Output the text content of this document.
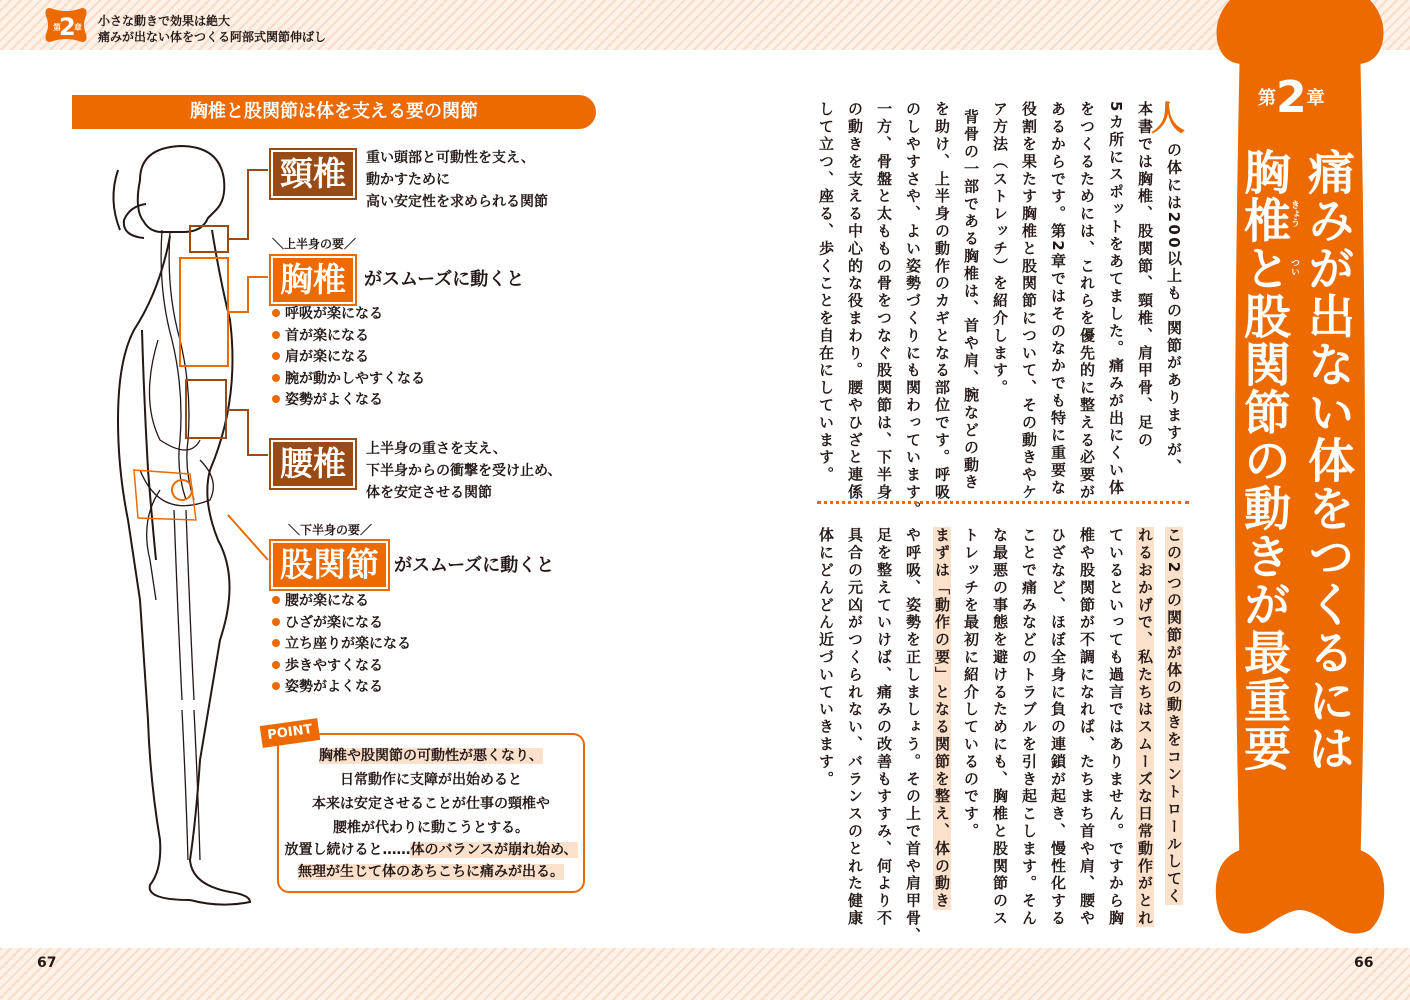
67	66
第
2
章 小さな動きで効果は絶大
痛みが出ない体をつくる阿部式関節伸ばし
胸椎と股関節は体を支える要の関節
頸椎	重い頭部と可動性を支え、
動かすために
高い安定性を求められる関節
＼上半身の要／
胸椎	がスムーズに動くと
呼吸が楽になる
首が楽になる
肩が楽になる
腕が動かしやすくなる
姿勢がよくなる
腰椎	上半身の重さを支え、
下半身からの衝撃を受け止め、
体を安定させる関節
＼下半身の要／
股関節 がスムーズに動くと
腰が楽になる
ひざが楽になる
立ち座りが楽になる
歩きやすくなる
姿勢がよくなる
胸椎や股関節の可動性が悪くなり、
日常動作に支障が出始めると
本来は安定させることが仕事の頸椎や
腰椎が代わりに動こうとする。
放置し続けると……体のバランスが崩れ始め、
無理が生じて体のあちこちに痛みが出る。
POINT
第2章
痛みが出ない体をつくるには
胸椎と股関節の動きが最重要
きょう
つい
人
の体には200以上もの関節がありますが、
本書では胸椎、股関節、頸椎、肩甲骨、足の
5カ所にスポットをあてました。痛みが出にくい体
をつくるためには、これらを優先的に整える必要が
あるからです。第2章ではそのなかでも特に重要な
役割を果たす胸椎と股関節について、その動きやケ
ア方法（ストレッチ）を紹介します。
背骨の一部である胸椎は、首や肩、腕などの動き
を助け、上半身の動作のカギとなる部位です。呼吸
のしやすさや、よい姿勢づくりにも関わっています。
一方、骨盤と太ももの骨をつなぐ股関節は、下半身
の動きを支える中心的な役まわり。腰やひざと連係
して立つ、座る、歩くことを自在にしています。
この2つの関節が体の動きをコントロールしてく
れるおかげで、私たちはスムーズな日常動作がとれ
ているといっても過言ではありません。ですから胸
椎や股関節が不調になれば、たちまち首や肩、腰や
ひざなど、ほぼ全身に負の連鎖が起き、慢性化する
ことで痛みなどのトラブルを引き起こします。そん
な最悪の事態を避けるためにも、胸椎と股関節のス
トレッチを最初に紹介しているのです。
まずは「動作の要」となる関節を整え、体の動き
や呼吸、姿勢を正しましょう。その上で首や肩甲骨、
足を整えていけば、痛みの改善もすすみ、何より不
具合の元凶がつくられない、バランスのとれた健康
体にどんどん近づいていきます。
